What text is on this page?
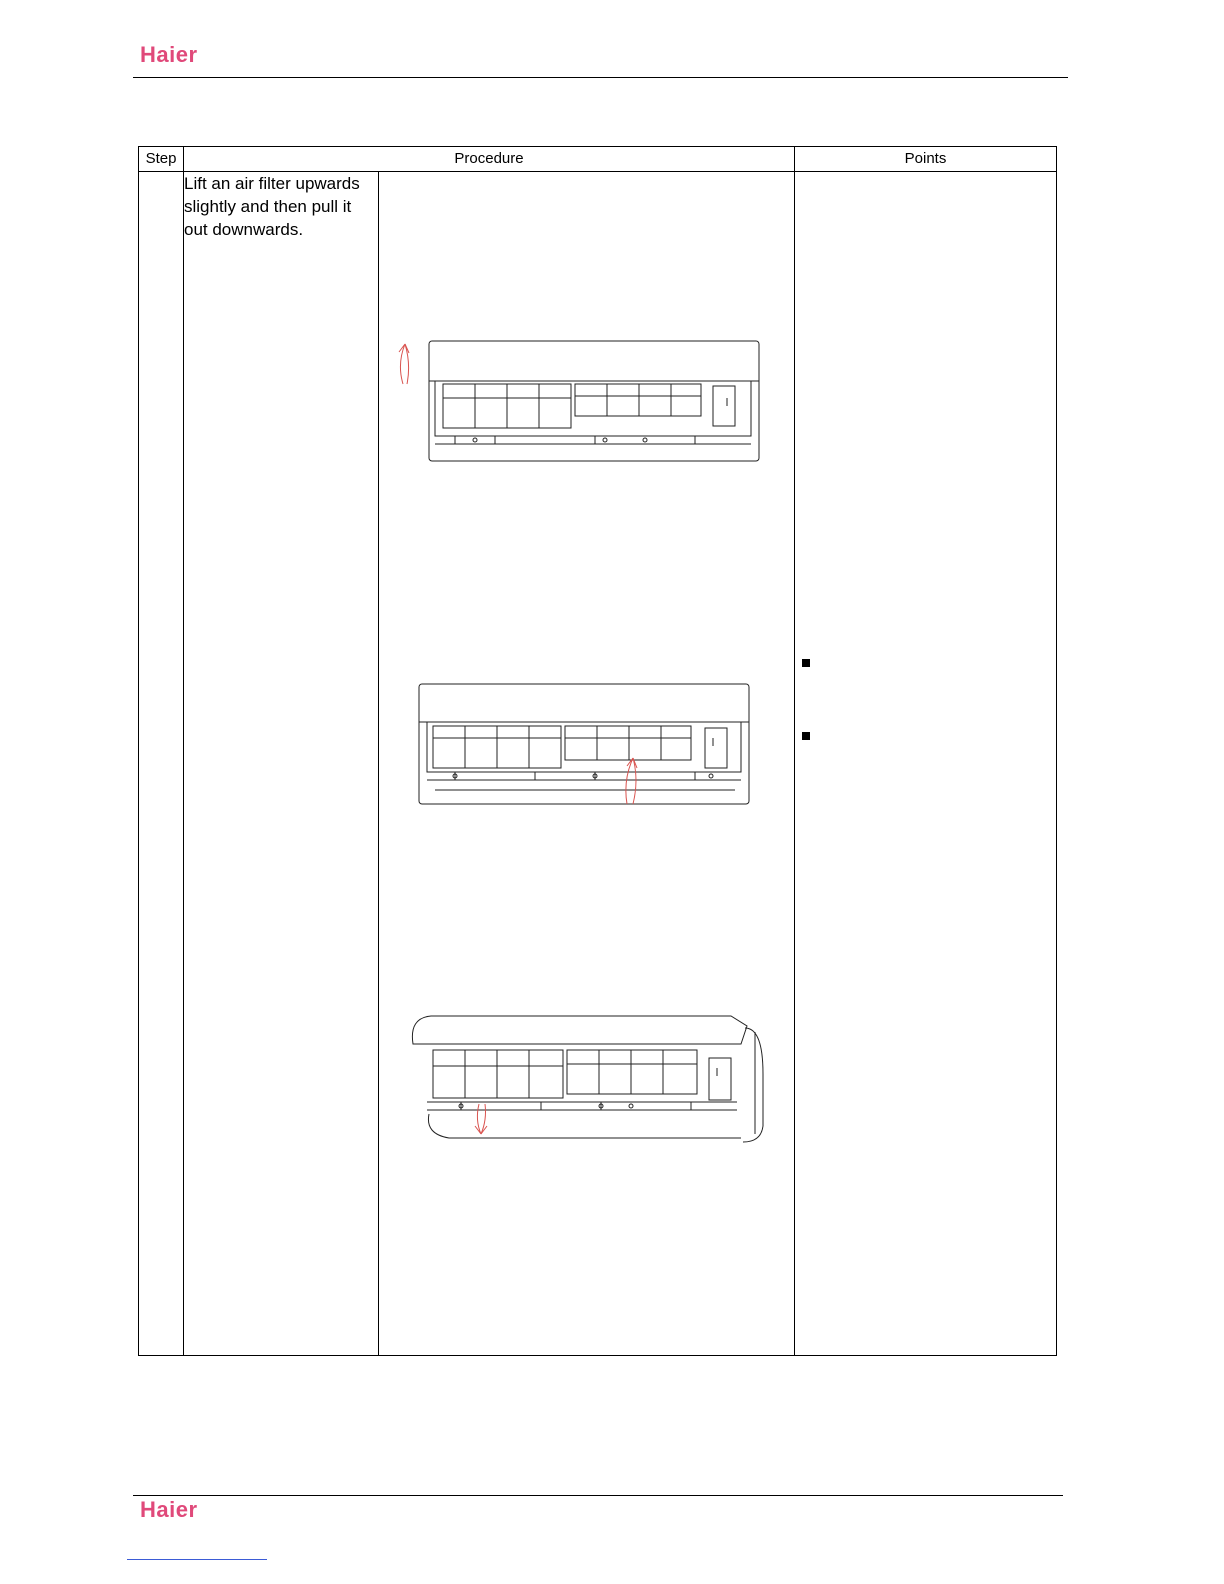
Haier
Step	Procedure		Points
	Lift an air filter upwards slightly and then pull it out downwards.	

Haier
